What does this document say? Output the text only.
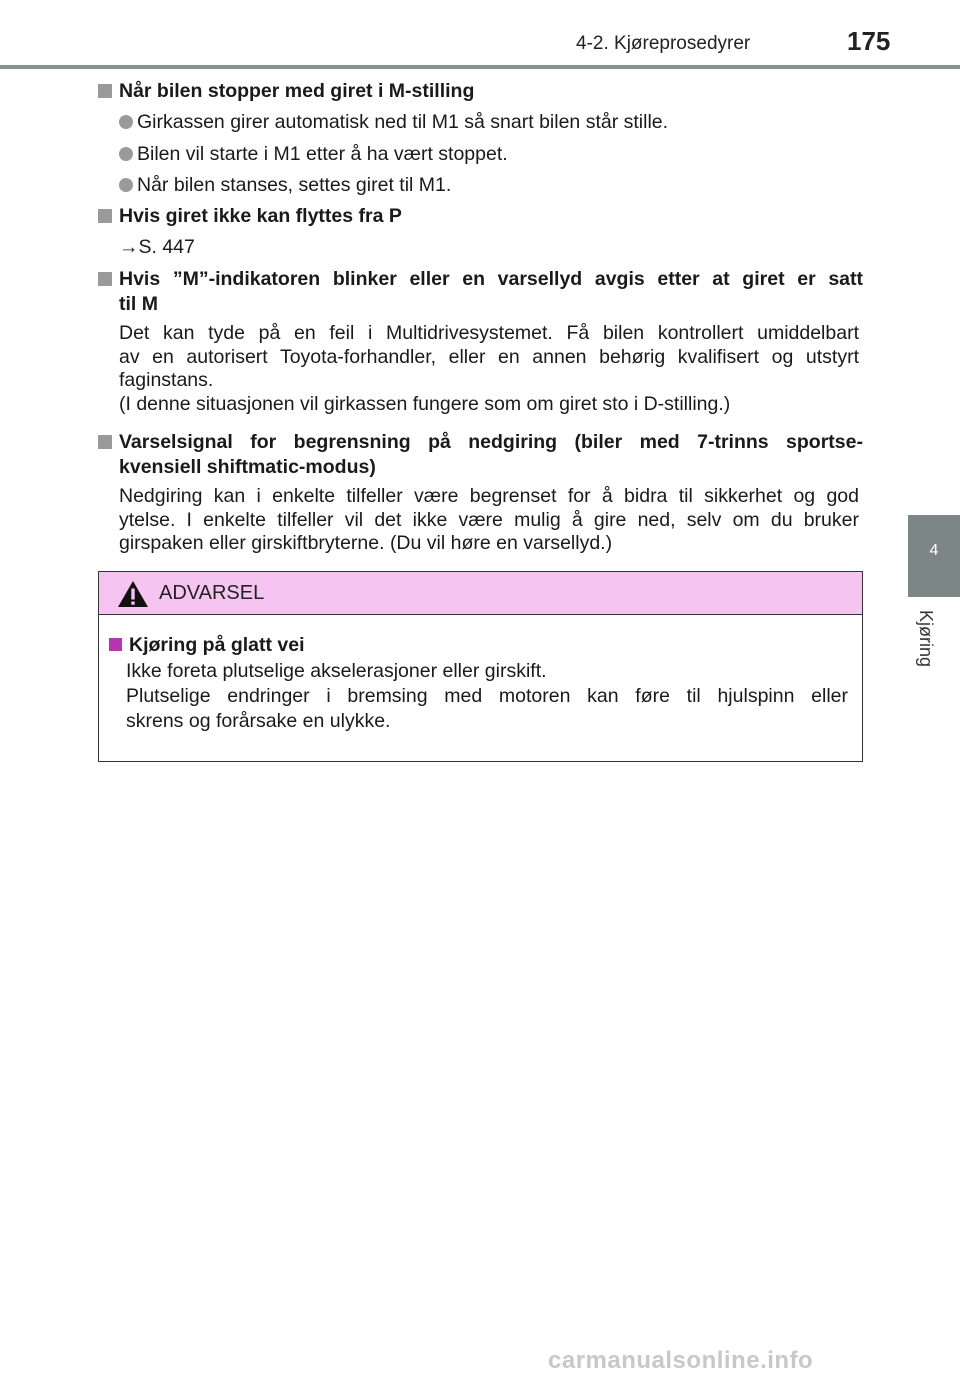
4-2. Kjøreprosedyrer	175
4
Kjøring
Når bilen stopper med giret i M-stilling
Girkassen girer automatisk ned til M1 så snart bilen står stille.
Bilen vil starte i M1 etter å ha vært stoppet.
Når bilen stanses, settes giret til M1.
Hvis giret ikke kan flyttes fra P
→S. 447
Hvis ”M”-indikatoren blinker eller en varsellyd avgis etter at giret er satt
til M
Det kan tyde på en feil i Multidrivesystemet. Få bilen kontrollert umiddelbart
av en autorisert Toyota-forhandler, eller en annen behørig kvalifisert og utstyrt
faginstans.
(I denne situasjonen vil girkassen fungere som om giret sto i D-stilling.)
Varselsignal for begrensning på nedgiring (biler med 7-trinns sportse-
kvensiell shiftmatic-modus)
Nedgiring kan i enkelte tilfeller være begrenset for å bidra til sikkerhet og god
ytelse. I enkelte tilfeller vil det ikke være mulig å gire ned, selv om du bruker
girspaken eller girskiftbryterne. (Du vil høre en varsellyd.)
ADVARSEL
Kjøring på glatt vei
Ikke foreta plutselige akselerasjoner eller girskift.
Plutselige endringer i bremsing med motoren kan føre til hjulspinn eller
skrens og forårsake en ulykke.
carmanualsonline.info
